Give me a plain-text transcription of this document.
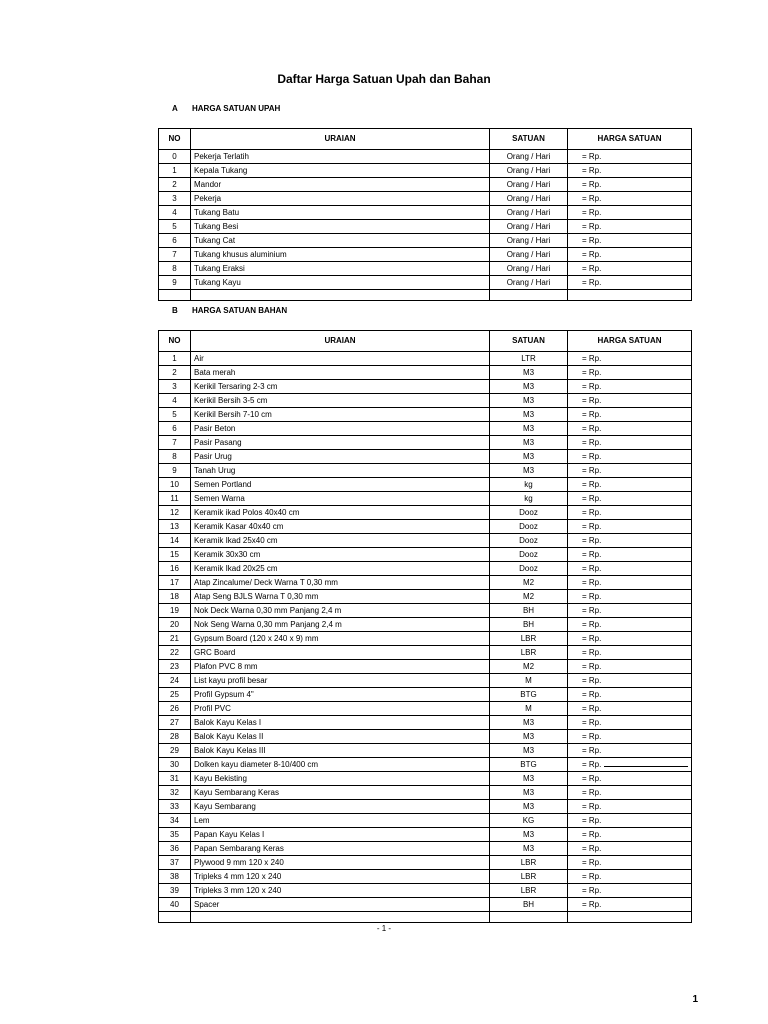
Daftar Harga Satuan Upah dan Bahan
A HARGA SATUAN UPAH
NO	URAIAN	SATUAN	HARGA SATUAN
0	Pekerja Terlatih	Orang / Hari	= Rp.
1	Kepala Tukang	Orang / Hari	= Rp.
2	Mandor	Orang / Hari	= Rp.
3	Pekerja	Orang / Hari	= Rp.
4	Tukang Batu	Orang / Hari	= Rp.
5	Tukang Besi	Orang / Hari	= Rp.
6	Tukang Cat	Orang / Hari	= Rp.
7	Tukang khusus aluminium	Orang / Hari	= Rp.
8	Tukang Eraksi	Orang / Hari	= Rp.
9	Tukang Kayu	Orang / Hari	= Rp.

B HARGA SATUAN BAHAN
NO	URAIAN	SATUAN	HARGA SATUAN
1	Air	LTR	= Rp.
2	Bata merah	M3	= Rp.
3	Kerikil Tersaring 2-3 cm	M3	= Rp.
4	Kerikil Bersih 3-5 cm	M3	= Rp.
5	Kerikil Bersih 7-10 cm	M3	= Rp.
6	Pasir Beton	M3	= Rp.
7	Pasir Pasang	M3	= Rp.
8	Pasir Urug	M3	= Rp.
9	Tanah Urug	M3	= Rp.
10	Semen Portland	kg	= Rp.
11	Semen Warna	kg	= Rp.
12	Keramik ikad Polos 40x40 cm	Dooz	= Rp.
13	Keramik Kasar 40x40 cm	Dooz	= Rp.
14	Keramik Ikad 25x40 cm	Dooz	= Rp.
15	Keramik 30x30 cm	Dooz	= Rp.
16	Keramik Ikad 20x25 cm	Dooz	= Rp.
17	Atap Zincalume/ Deck Warna T 0,30 mm	M2	= Rp.
18	Atap Seng BJLS Warna T 0,30 mm	M2	= Rp.
19	Nok Deck Warna 0,30 mm Panjang 2,4 m	BH	= Rp.
20	Nok Seng Warna 0,30 mm Panjang 2,4 m	BH	= Rp.
21	Gypsum Board (120 x 240 x 9) mm	LBR	= Rp.
22	GRC Board	LBR	= Rp.
23	Plafon PVC 8 mm	M2	= Rp.
24	List kayu profil besar	M	= Rp.
25	Profil Gypsum 4"	BTG	= Rp.
26	Profil PVC	M	= Rp.
27	Balok Kayu Kelas I	M3	= Rp.
28	Balok Kayu Kelas II	M3	= Rp.
29	Balok Kayu Kelas III	M3	= Rp.
30	Dolken kayu diameter 8-10/400 cm	BTG	= Rp.
31	Kayu Bekisting	M3	= Rp.
32	Kayu Sembarang Keras	M3	= Rp.
33	Kayu Sembarang	M3	= Rp.
34	Lem	KG	= Rp.
35	Papan Kayu Kelas I	M3	= Rp.
36	Papan Sembarang Keras	M3	= Rp.
37	Plywood 9 mm 120 x 240	LBR	= Rp.
38	Tripleks 4 mm 120 x 240	LBR	= Rp.
39	Tripleks 3 mm 120 x 240	LBR	= Rp.
40	Spacer	BH	= Rp.

- 1 -
1
